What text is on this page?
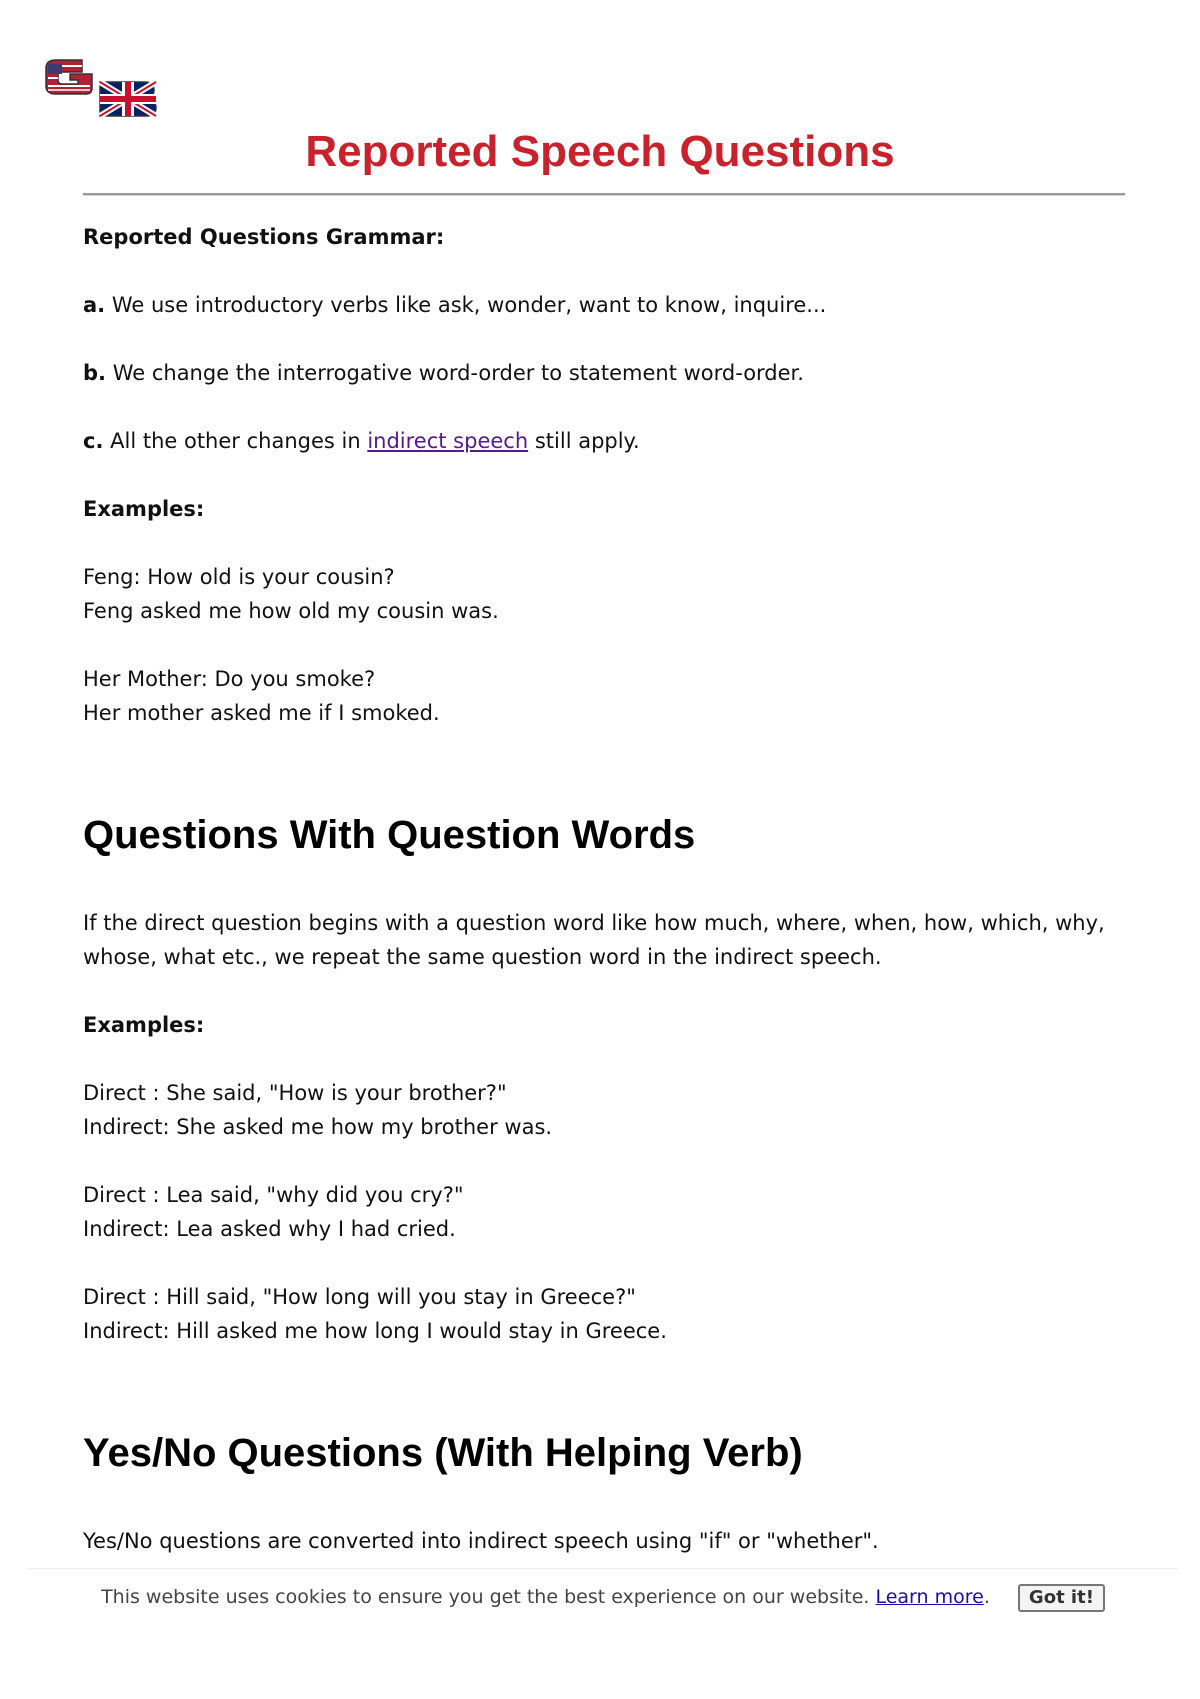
Reported Speech Questions

Reported Questions Grammar:

a. We use introductory verbs like ask, wonder, want to know, inquire...

b. We change the interrogative word-order to statement word-order.

c. All the other changes in indirect speech still apply.

Examples:

Feng: How old is your cousin?
Feng asked me how old my cousin was.

Her Mother: Do you smoke?
Her mother asked me if I smoked.

Questions With Question Words

If the direct question begins with a question word like how much, where, when, how, which, why, whose, what etc., we repeat the same question word in the indirect speech.

Examples:

Direct : She said, "How is your brother?"
Indirect: She asked me how my brother was.

Direct : Lea said, "why did you cry?"
Indirect: Lea asked why I had cried.

Direct : Hill said, "How long will you stay in Greece?"
Indirect: Hill asked me how long I would stay in Greece.

Yes/No Questions (With Helping Verb)

Yes/No questions are converted into indirect speech using "if" or "whether".

This website uses cookies to ensure you get the best experience on our website. Learn more. Got it!
